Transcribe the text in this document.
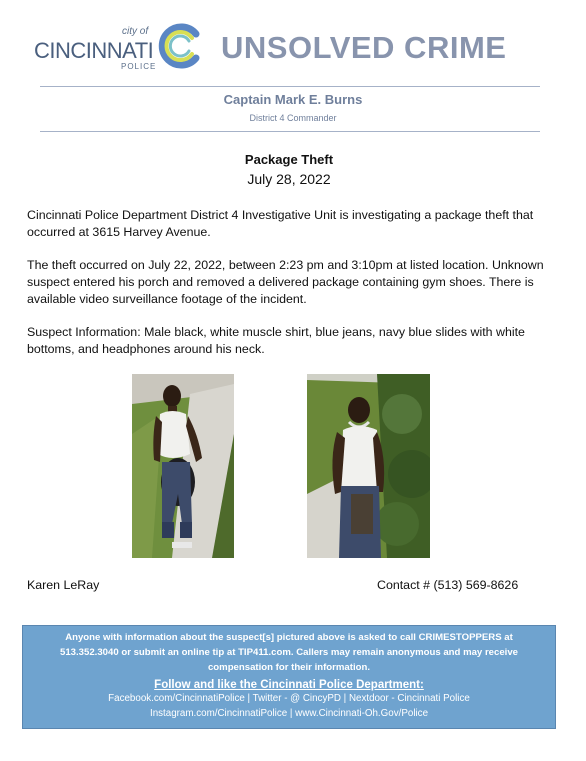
city of
CINCINNATI
POLICE
UNSOLVED CRIME
Captain Mark E. Burns
District 4 Commander
Package Theft
July 28, 2022

Cincinnati Police Department District 4 Investigative Unit is investigating a package theft that occurred at 3615 Harvey Avenue.

The theft occurred on July 22, 2022, between 2:23 pm and 3:10pm at listed location. Unknown suspect entered his porch and removed a delivered package containing gym shoes. There is available video surveillance footage of the incident.

Suspect Information: Male black, white muscle shirt, blue jeans, navy blue slides with white bottoms, and headphones around his neck.

Karen LeRay	Contact # (513) 569-8626

Anyone with information about the suspect[s] pictured above is asked to call CRIMESTOPPERS at 513.352.3040 or submit an online tip at TIP411.com. Callers may remain anonymous and may receive compensation for their information.

Follow and like the Cincinnati Police Department:

Facebook.com/CincinnatiPolice | Twitter - @ CincyPD | Nextdoor - Cincinnati Police

Instagram.com/CincinnatiPolice | www.Cincinnati-Oh.Gov/Police
